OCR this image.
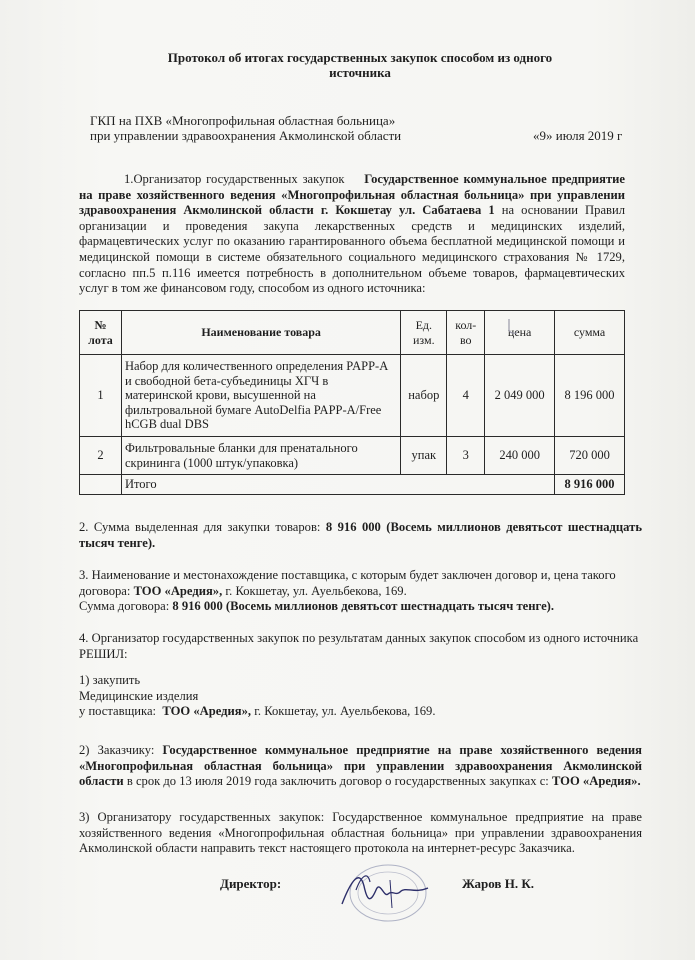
Протокол об итогах государственных закупок способом из одного источника
ГКП на ПХВ «Многопрофильная областная больница»
при управлении здравоохранения Акмолинской области	«9» июля 2019 г
1.Организатор государственных закупок Государственное коммунальное предприятие на праве хозяйственного ведения «Многопрофильная областная больница» при управлении здравоохранения Акмолинской области г. Кокшетау ул. Сабатаева 1 на основании Правил организации и проведения закупа лекарственных средств и медицинских изделий, фармацевтических услуг по оказанию гарантированного объема бесплатной медицинской помощи и медицинской помощи в системе обязательного социального медицинского страхования № 1729, согласно пп.5 п.116 имеется потребность в дополнительном объеме товаров, фармацевтических услуг в том же финансовом году, способом из одного источника:
№ лота	Наименование товара	Ед. изм.	кол-во	цена	сумма
1	Набор для количественного определения PAPP-A и свободной бета-субъединицы ХГЧ в материнской крови, высушенной на фильтровальной бумаге AutoDelfia PAPP-A/Free hCGB dual DBS	набор	4	2 049 000	8 196 000
2	Фильтровальные бланки для пренатального скрининга (1000 штук/упаковка)	упак	3	240 000	720 000
	Итого				8 916 000
2. Сумма выделенная для закупки товаров: 8 916 000 (Восемь миллионов девятьсот шестнадцать тысяч тенге).
3. Наименование и местонахождение поставщика, с которым будет заключен договор и, цена такого договора: ТОО «Аредия», г. Кокшетау, ул. Ауельбекова, 169.
Сумма договора: 8 916 000 (Восемь миллионов девятьсот шестнадцать тысяч тенге).
4. Организатор государственных закупок по результатам данных закупок способом из одного источника РЕШИЛ:
1) закупить
Медицинские изделия
у поставщика: ТОО «Аредия», г. Кокшетау, ул. Ауельбекова, 169.
2) Заказчику: Государственное коммунальное предприятие на праве хозяйственного ведения «Многопрофильная областная больница» при управлении здравоохранения Акмолинской области в срок до 13 июля 2019 года заключить договор о государственных закупках с: ТОО «Аредия».
3) Организатору государственных закупок: Государственное коммунальное предприятие на праве хозяйственного ведения «Многопрофильная областная больница» при управлении здравоохранения Акмолинской области направить текст настоящего протокола на интернет-ресурс Заказчика.
Директор:	Жаров Н. К.
